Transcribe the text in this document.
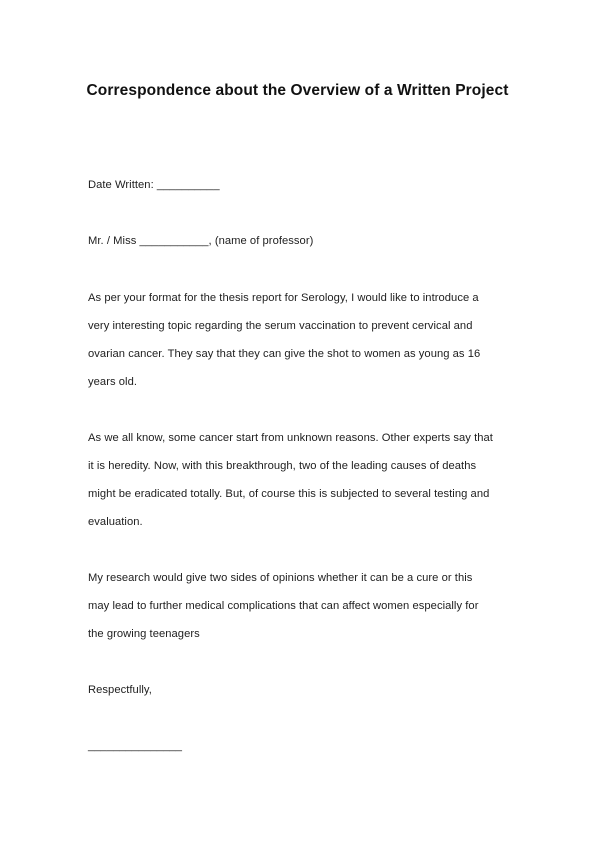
Correspondence about the Overview of a Written Project
Date Written: __________
Mr. / Miss ___________, (name of professor)
As per your format for the thesis report for Serology, I would like to introduce a
very interesting topic regarding the serum vaccination to prevent cervical and
ovarian cancer. They say that they can give the shot to women as young as 16
years old.
As we all know, some cancer start from unknown reasons. Other experts say that
it is heredity. Now, with this breakthrough, two of the leading causes of deaths
might be eradicated totally. But, of course this is subjected to several testing and
evaluation.
My research would give two sides of opinions whether it can be a cure or this
may lead to further medical complications that can affect women especially for
the growing teenagers
Respectfully,
_______________
